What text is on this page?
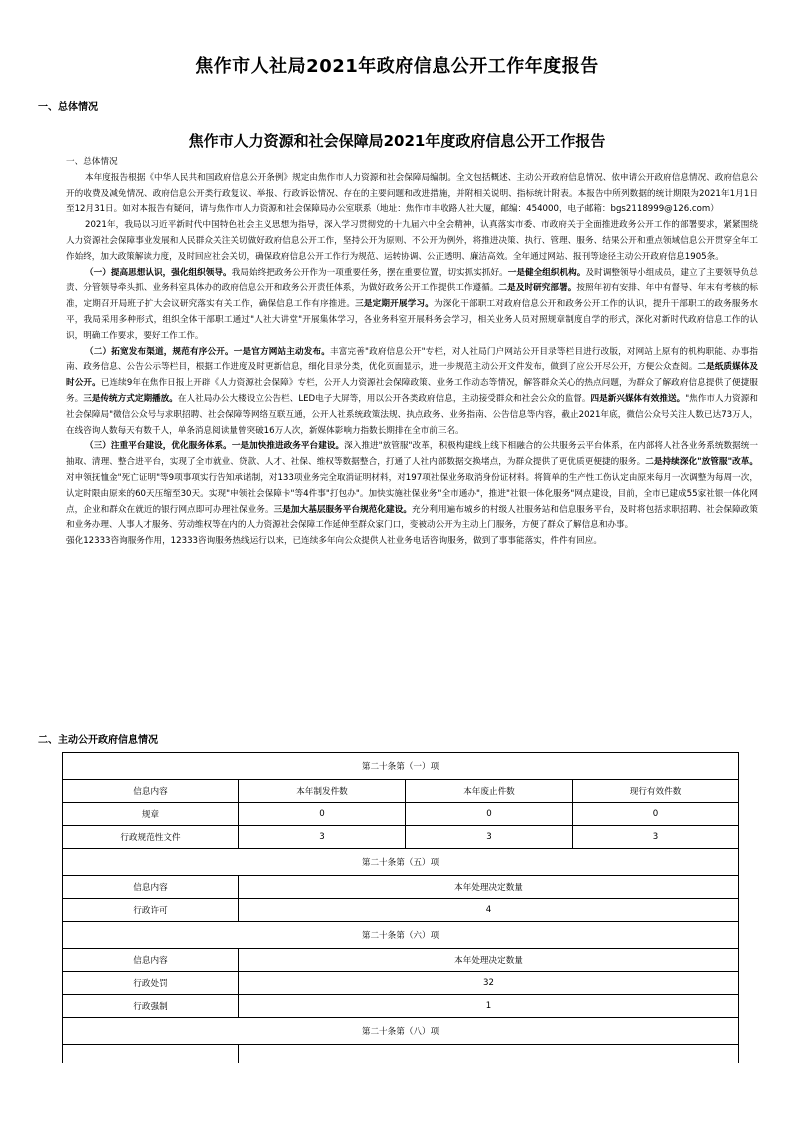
焦作市人社局2021年政府信息公开工作年度报告
一、总体情况
焦作市人力资源和社会保障局2021年度政府信息公开工作报告

一、总体情况

本年度报告根据《中华人民共和国政府信息公开条例》规定由焦作市人力资源和社会保障局编制。全文包括概述、主动公开政府信息情况、依申请公开政府信息情况、政府信息公开的收费及减免情况、政府信息公开类行政复议、举报、行政诉讼情况、存在的主要问题和改进措施，并附相关说明、指标统计附表。本报告中所列数据的统计期限为2021年1月1日至12月31日。如对本报告有疑问，请与焦作市人力资源和社会保障局办公室联系（地址：焦作市丰收路人社大厦，邮编：454000，电子邮箱：bgs2118999@126.com）

2021年，我局以习近平新时代中国特色社会主义思想为指导，深入学习贯彻党的十九届六中全会精神，认真落实市委、市政府关于全面推进政务公开工作的部署要求，紧紧围绕人力资源社会保障事业发展和人民群众关注关切做好政府信息公开工作，坚持公开为原则、不公开为例外，将推进决策、执行、管理、服务、结果公开和重点领域信息公开贯穿全年工作始终，加大政策解读力度，及时回应社会关切，确保政府信息公开工作行为规范、运转协调、公正透明、廉洁高效。全年通过网站、报刊等途径主动公开政府信息1905条。

（一）提高思想认识，强化组织领导。我局始终把政务公开作为一项重要任务，摆在重要位置，切实抓实抓好。一是健全组织机构。及时调整领导小组成员，建立了主要领导负总责、分管领导牵头抓、业务科室具体办的政府信息公开和政务公开责任体系，为做好政务公开工作提供工作遵循。二是及时研究部署。按照年初有安排、年中有督导、年末有考核的标准，定期召开局班子扩大会议研究落实有关工作，确保信息工作有序推进。三是定期开展学习。为深化干部职工对政府信息公开和政务公开工作的认识，提升干部职工的政务服务水平，我局采用多种形式，组织全体干部职工通过"人社大讲堂"开展集体学习，各业务科室开展科务会学习，相关业务人员对照规章制度自学的形式，深化对新时代政府信息工作的认识，明确工作要求，要好工作工作。

（二）拓宽发布渠道，规范有序公开。一是官方网站主动发布。丰富完善"政府信息公开"专栏，对人社局门户网站公开目录等栏目进行改版，对网站上原有的机构职能、办事指南、政务信息、公告公示等栏目，根据工作进度及时更新信息，细化目录分类，优化页面显示，进一步规范主动公开文件发布，做到了应公开尽公开，方便公众查阅。二是纸质媒体及时公开。已连续9年在焦作日报上开辟《人力资源社会保障》专栏，公开人力资源社会保障政策、业务工作动态等情况，解答群众关心的热点问题，为群众了解政府信息提供了便捷服务。三是传统方式定期播放。在人社局办公大楼设立公告栏、LED电子大屏等，用以公开各类政府信息，主动接受群众和社会公众的监督。四是新兴媒体有效推送。"焦作市人力资源和社会保障局"微信公众号与求职招聘、社会保障等网络互联互通，公开人社系统政策法规、执点政务、业务指南、公告信息等内容，截止2021年底，微信公众号关注人数已达73万人，在线咨询人数每天有数千人，单条消息阅读量曾突破16万人次，新媒体影响力指数长期排在全市前三名。

（三）注重平台建设，优化服务体系。一是加快推进政务平台建设。深入推进"放管服"改革，积极构建线上线下相融合的公共服务云平台体系，在内部将人社各业务系统数据统一抽取、清理、整合进平台，实现了全市就业、贷款、人才、社保、维权等数据整合，打通了人社内部数据交换堵点，为群众提供了更优质更便捷的服务。二是持续深化"放管服"改革。对申领抚恤金"死亡证明"等9项事项实行告知承诺制，对133项业务完全取消证明材料，对197项社保业务取消身份证材料。将简单的生产性工伤认定由原来每月一次调整为每周一次，认定时限由原来的60天压缩至30天。实现"申领社会保障卡"等4件事"打包办"。加快实施社保业务"全市通办"，推进"社银一体化服务"网点建设，目前，全市已建成55家社银一体化网点，企业和群众在就近的银行网点即可办理社保业务。三是加大基层服务平台规范化建设。充分利用遍布城乡的村级人社服务站和信息服务平台，及时将包括求职招聘、社会保障政策和业务办理、人事人才服务、劳动维权等在内的人力资源社会保障工作延伸至群众家门口，变被动公开为主动上门服务，方便了群众了解信息和办事。

强化12333咨询服务作用，12333咨询服务热线运行以来，已连续多年向公众提供人社业务电话咨询服务，做到了事事能落实，件件有回应。

二、主动公开政府信息情况
第二十条第（一）项			
信息内容	本年制发件数	本年废止件数	现行有效件数
规章	0	0	0
行政规范性文件	3	3	3
第二十条第（五）项			
信息内容	本年处理决定数量		
行政许可	4		
第二十条第（六）项			
信息内容	本年处理决定数量		
行政处罚	32		
行政强制	1		
第二十条第（八）项			
